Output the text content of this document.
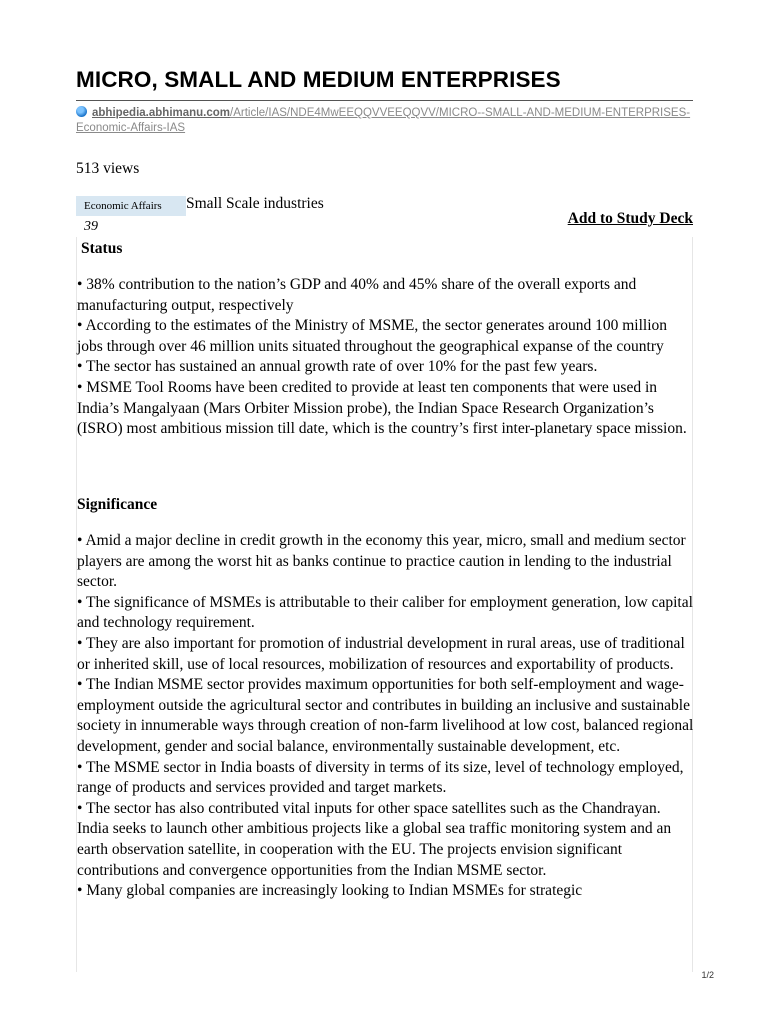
MICRO, SMALL AND MEDIUM ENTERPRISES
abhipedia.abhimanu.com/Article/IAS/NDE4MwEEQQVVEEQQVV/MICRO--SMALL-AND-MEDIUM-ENTERPRISES-Economic-Affairs-IAS
513 views
Economic Affairs	Small Scale industries
39	Add to Study Deck
Status
• 38% contribution to the nation’s GDP and 40% and 45% share of the overall exports and manufacturing output, respectively
• According to the estimates of the Ministry of MSME, the sector generates around 100 million jobs through over 46 million units situated throughout the geographical expanse of the country
• The sector has sustained an annual growth rate of over 10% for the past few years.
• MSME Tool Rooms have been credited to provide at least ten components that were used in India’s Mangalyaan (Mars Orbiter Mission probe), the Indian Space Research Organization’s (ISRO) most ambitious mission till date, which is the country’s first inter-planetary space mission.
Significance
• Amid a major decline in credit growth in the economy this year, micro, small and medium sector players are among the worst hit as banks continue to practice caution in lending to the industrial sector.
• The significance of MSMEs is attributable to their caliber for employment generation, low capital and technology requirement.
• They are also important for promotion of industrial development in rural areas, use of traditional or inherited skill, use of local resources, mobilization of resources and exportability of products.
• The Indian MSME sector provides maximum opportunities for both self-employment and wage-employment outside the agricultural sector and contributes in building an inclusive and sustainable society in innumerable ways through creation of non-farm livelihood at low cost, balanced regional development, gender and social balance, environmentally sustainable development, etc.
• The MSME sector in India boasts of diversity in terms of its size, level of technology employed, range of products and services provided and target markets.
• The sector has also contributed vital inputs for other space satellites such as the Chandrayan. India seeks to launch other ambitious projects like a global sea traffic monitoring system and an earth observation satellite, in cooperation with the EU. The projects envision significant contributions and convergence opportunities from the Indian MSME sector.
• Many global companies are increasingly looking to Indian MSMEs for strategic
1/2
